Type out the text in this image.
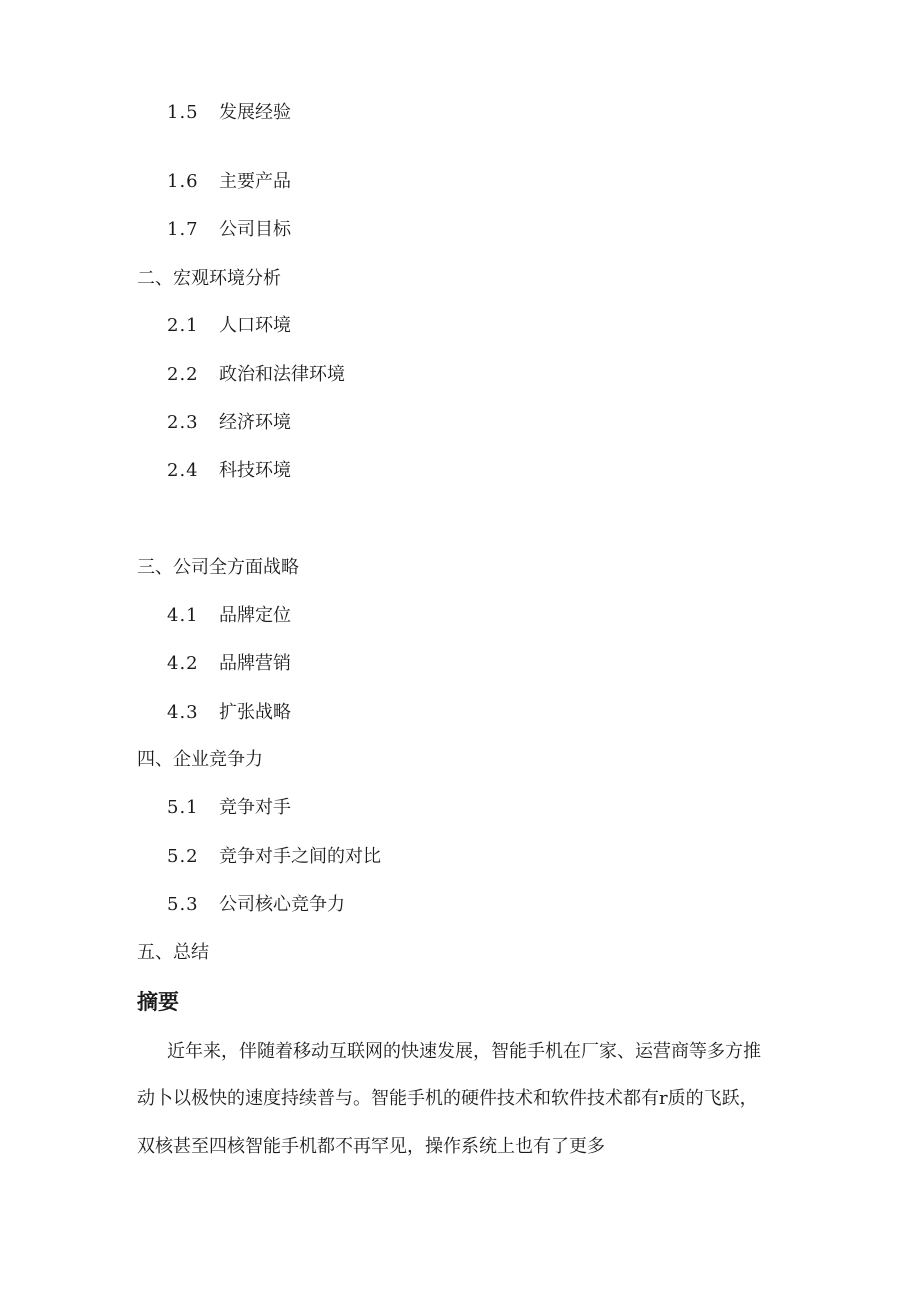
1.5 发展经验
1.6 主要产品
1.7 公司目标
二、宏观环境分析
2.1 人口环境
2.2 政治和法律环境
2.3 经济环境
2.4 科技环境
三、公司全方面战略
4.1 品牌定位
4.2 品牌营销
4.3 扩张战略
四、企业竞争力
5.1 竞争对手
5.2 竞争对手之间的对比
5.3 公司核心竞争力
五、总结
摘要
近年来，伴随着移动互联网的快速发展，智能手机在厂家、运营商等多方推
动卜以极快的速度持续普与。智能手机的硬件技术和软件技术都有r质的飞跃，
双核甚至四核智能手机都不再罕见，操作系统上也有了更多
